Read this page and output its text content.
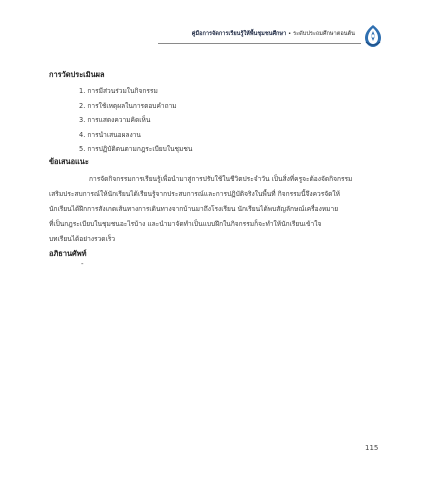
คู่มือการจัดการเรียนรู้ให้พื้นชุมชนศึกษา • ระดับประถมศึกษาตอนต้น
การวัดประเมินผล
1. การมีส่วนร่วมในกิจกรรม
2. การใช้เหตุผลในการตอบคำถาม
3. การแสดงความคิดเห็น
4. การนำเสนอผลงาน
5. การปฏิบัติตนตามกฎระเบียบในชุมชน
ข้อเสนอแนะ

การจัดกิจกรรมการเรียนรู้เพื่อนำมาสู่การปรับใช้ในชีวิตประจำวัน เป็นสิ่งที่ครูจะต้องจัดกิจกรรม
เสริมประสบการณ์ให้นักเรียนได้เรียนรู้จากประสบการณ์และการปฏิบัติจริงในพื้นที่ กิจกรรมนี้จึงควรจัดให้
นักเรียนได้ฝึกการสังเกตเส้นทางการเดินทางจากบ้านมาถึงโรงเรียน นักเรียนได้พบสัญลักษณ์เครื่องหมาย
ที่เป็นกฎระเบียบในชุมชนอะไรบ้าง และนำมาจัดทำเป็นแบบฝึกในกิจกรรมก็จะทำให้นักเรียนเข้าใจ
บทเรียนได้อย่างรวดเร็ว

อภิธานศัพท์
-
115
